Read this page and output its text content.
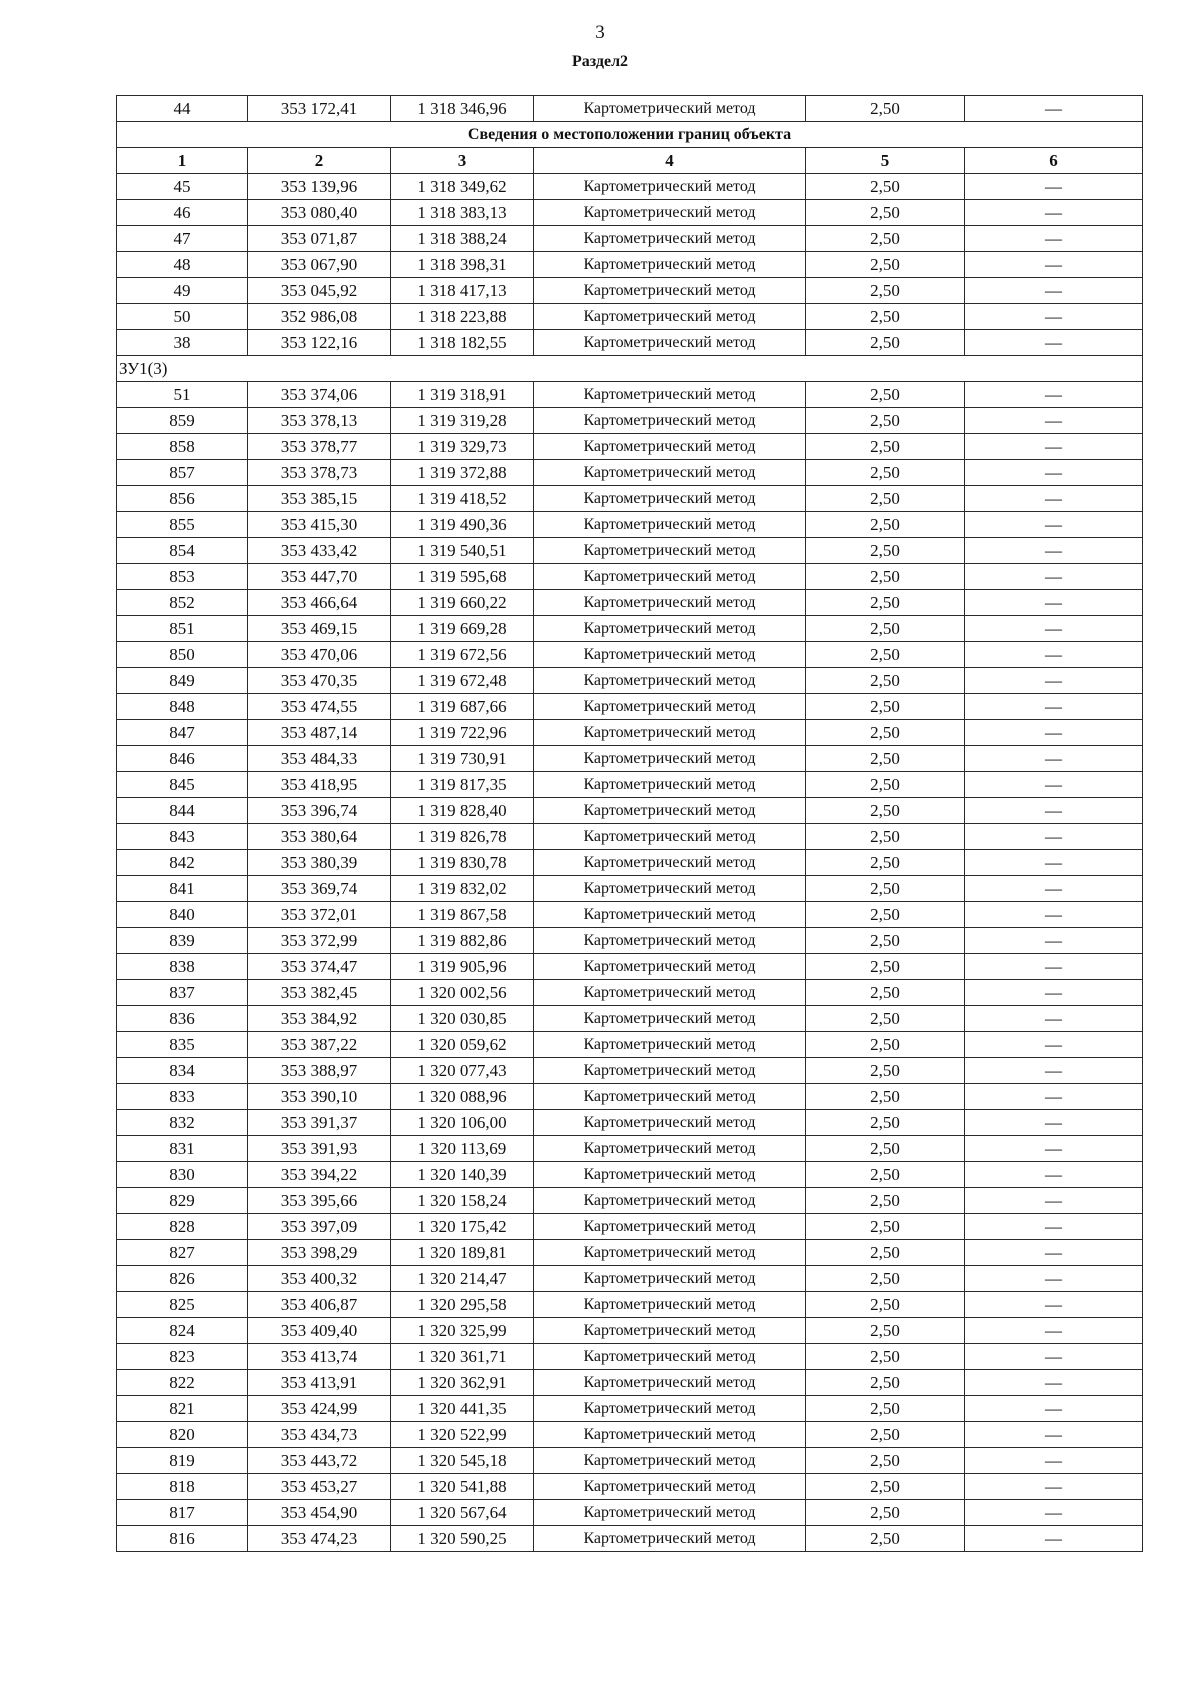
3
Раздел2
44	353 172,41	1 318 346,96	Картометрический метод	2,50	—
Сведения о местоположении границ объекта					
1	2	3	4	5	6
45	353 139,96	1 318 349,62	Картометрический метод	2,50	—
46	353 080,40	1 318 383,13	Картометрический метод	2,50	—
47	353 071,87	1 318 388,24	Картометрический метод	2,50	—
48	353 067,90	1 318 398,31	Картометрический метод	2,50	—
49	353 045,92	1 318 417,13	Картометрический метод	2,50	—
50	352 986,08	1 318 223,88	Картометрический метод	2,50	—
38	353 122,16	1 318 182,55	Картометрический метод	2,50	—
ЗУ1(3)					
51	353 374,06	1 319 318,91	Картометрический метод	2,50	—
859	353 378,13	1 319 319,28	Картометрический метод	2,50	—
858	353 378,77	1 319 329,73	Картометрический метод	2,50	—
857	353 378,73	1 319 372,88	Картометрический метод	2,50	—
856	353 385,15	1 319 418,52	Картометрический метод	2,50	—
855	353 415,30	1 319 490,36	Картометрический метод	2,50	—
854	353 433,42	1 319 540,51	Картометрический метод	2,50	—
853	353 447,70	1 319 595,68	Картометрический метод	2,50	—
852	353 466,64	1 319 660,22	Картометрический метод	2,50	—
851	353 469,15	1 319 669,28	Картометрический метод	2,50	—
850	353 470,06	1 319 672,56	Картометрический метод	2,50	—
849	353 470,35	1 319 672,48	Картометрический метод	2,50	—
848	353 474,55	1 319 687,66	Картометрический метод	2,50	—
847	353 487,14	1 319 722,96	Картометрический метод	2,50	—
846	353 484,33	1 319 730,91	Картометрический метод	2,50	—
845	353 418,95	1 319 817,35	Картометрический метод	2,50	—
844	353 396,74	1 319 828,40	Картометрический метод	2,50	—
843	353 380,64	1 319 826,78	Картометрический метод	2,50	—
842	353 380,39	1 319 830,78	Картометрический метод	2,50	—
841	353 369,74	1 319 832,02	Картометрический метод	2,50	—
840	353 372,01	1 319 867,58	Картометрический метод	2,50	—
839	353 372,99	1 319 882,86	Картометрический метод	2,50	—
838	353 374,47	1 319 905,96	Картометрический метод	2,50	—
837	353 382,45	1 320 002,56	Картометрический метод	2,50	—
836	353 384,92	1 320 030,85	Картометрический метод	2,50	—
835	353 387,22	1 320 059,62	Картометрический метод	2,50	—
834	353 388,97	1 320 077,43	Картометрический метод	2,50	—
833	353 390,10	1 320 088,96	Картометрический метод	2,50	—
832	353 391,37	1 320 106,00	Картометрический метод	2,50	—
831	353 391,93	1 320 113,69	Картометрический метод	2,50	—
830	353 394,22	1 320 140,39	Картометрический метод	2,50	—
829	353 395,66	1 320 158,24	Картометрический метод	2,50	—
828	353 397,09	1 320 175,42	Картометрический метод	2,50	—
827	353 398,29	1 320 189,81	Картометрический метод	2,50	—
826	353 400,32	1 320 214,47	Картометрический метод	2,50	—
825	353 406,87	1 320 295,58	Картометрический метод	2,50	—
824	353 409,40	1 320 325,99	Картометрический метод	2,50	—
823	353 413,74	1 320 361,71	Картометрический метод	2,50	—
822	353 413,91	1 320 362,91	Картометрический метод	2,50	—
821	353 424,99	1 320 441,35	Картометрический метод	2,50	—
820	353 434,73	1 320 522,99	Картометрический метод	2,50	—
819	353 443,72	1 320 545,18	Картометрический метод	2,50	—
818	353 453,27	1 320 541,88	Картометрический метод	2,50	—
817	353 454,90	1 320 567,64	Картометрический метод	2,50	—
816	353 474,23	1 320 590,25	Картометрический метод	2,50	—
